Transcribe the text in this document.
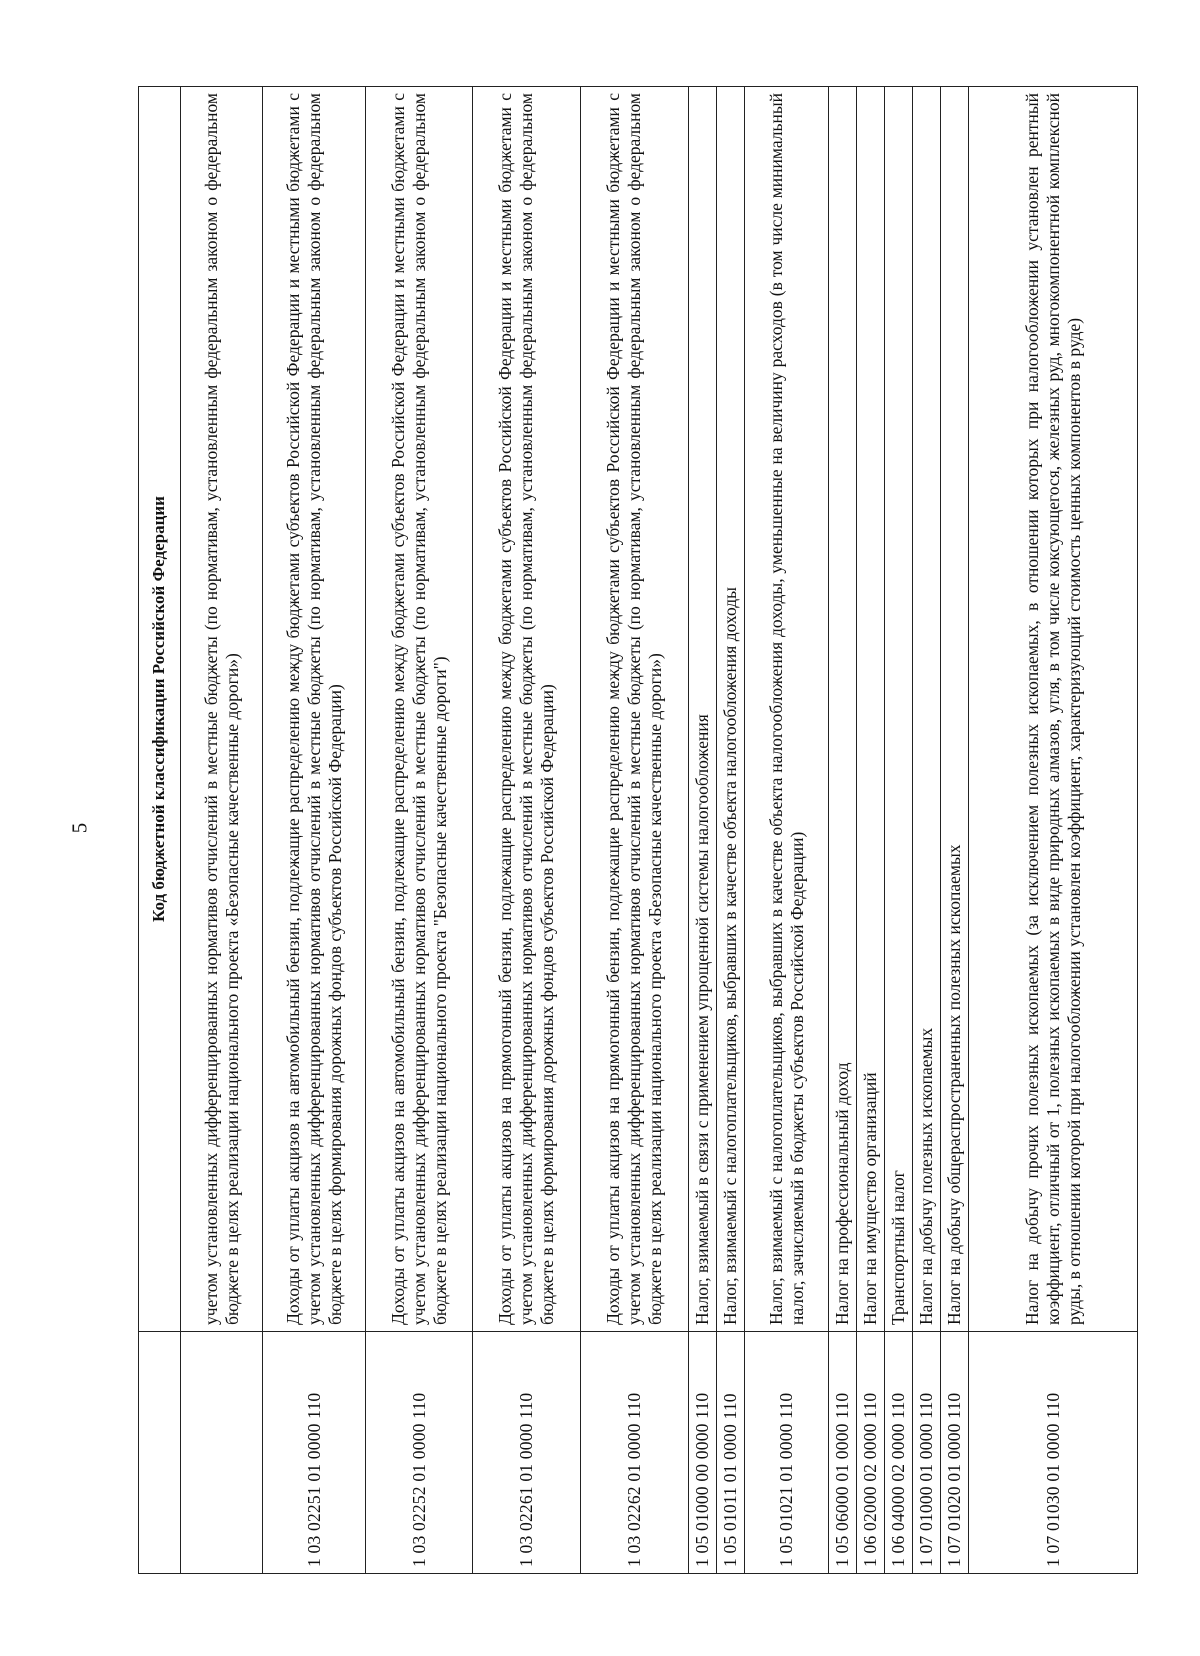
5
		Код бюджетной классификации Российской Федерации
	учетом установленных дифференцированных нормативов отчислений в местные бюджеты (по нормативам, установленным федеральным законом о федеральном бюджете в целях реализации национального проекта «Безопасные качественные дороги»)
1 03 02251 01 0000 110	Доходы от уплаты акцизов на автомобильный бензин, подлежащие распределению между бюджетами субъектов Российской Федерации и местными бюджетами с учетом установленных дифференцированных нормативов отчислений в местные бюджеты (по нормативам, установленным федеральным законом о федеральном бюджете в целях формирования дорожных фондов субъектов Российской Федерации)
1 03 02252 01 0000 110	Доходы от уплаты акцизов на автомобильный бензин, подлежащие распределению между бюджетами субъектов Российской Федерации и местными бюджетами с учетом установленных дифференцированных нормативов отчислений в местные бюджеты (по нормативам, установленным федеральным законом о федеральном бюджете в целях реализации национального проекта "Безопасные качественные дороги")
1 03 02261 01 0000 110	Доходы от уплаты акцизов на прямогонный бензин, подлежащие распределению между бюджетами субъектов Российской Федерации и местными бюджетами с учетом установленных дифференцированных нормативов отчислений в местные бюджеты (по нормативам, установленным федеральным законом о федеральном бюджете в целях формирования дорожных фондов субъектов Российской Федерации)
1 03 02262 01 0000 110	Доходы от уплаты акцизов на прямогонный бензин, подлежащие распределению между бюджетами субъектов Российской Федерации и местными бюджетами с учетом установленных дифференцированных нормативов отчислений в местные бюджеты (по нормативам, установленным федеральным законом о федеральном бюджете в целях реализации национального проекта «Безопасные качественные дороги»)
1 05 01000 00 0000 110	Налог, взимаемый в связи с применением упрощенной системы налогообложения
1 05 01011 01 0000 110	Налог, взимаемый с налогоплательщиков, выбравших в качестве объекта налогообложения доходы
1 05 01021 01 0000 110	Налог, взимаемый с налогоплательщиков, выбравших в качестве объекта налогообложения доходы, уменьшенные на величину расходов (в том числе минимальный налог, зачисляемый в бюджеты субъектов Российской Федерации)
1 05 06000 01 0000 110	Налог на профессиональный доход
1 06 02000 02 0000 110	Налог на имущество организаций
1 06 04000 02 0000 110	Транспортный налог
1 07 01000 01 0000 110	Налог на добычу полезных ископаемых
1 07 01020 01 0000 110	Налог на добычу общераспространенных полезных ископаемых
1 07 01030 01 0000 110	Налог на добычу прочих полезных ископаемых (за исключением полезных ископаемых, в отношении которых при налогообложении установлен рентный коэффициент, отличный от 1, полезных ископаемых в виде природных алмазов, угля, в том числе коксующегося, железных руд, многокомпонентной комплексной руды, в отношении которой при налогообложении установлен коэффициент, характеризующий стоимость ценных компонентов в руде)
